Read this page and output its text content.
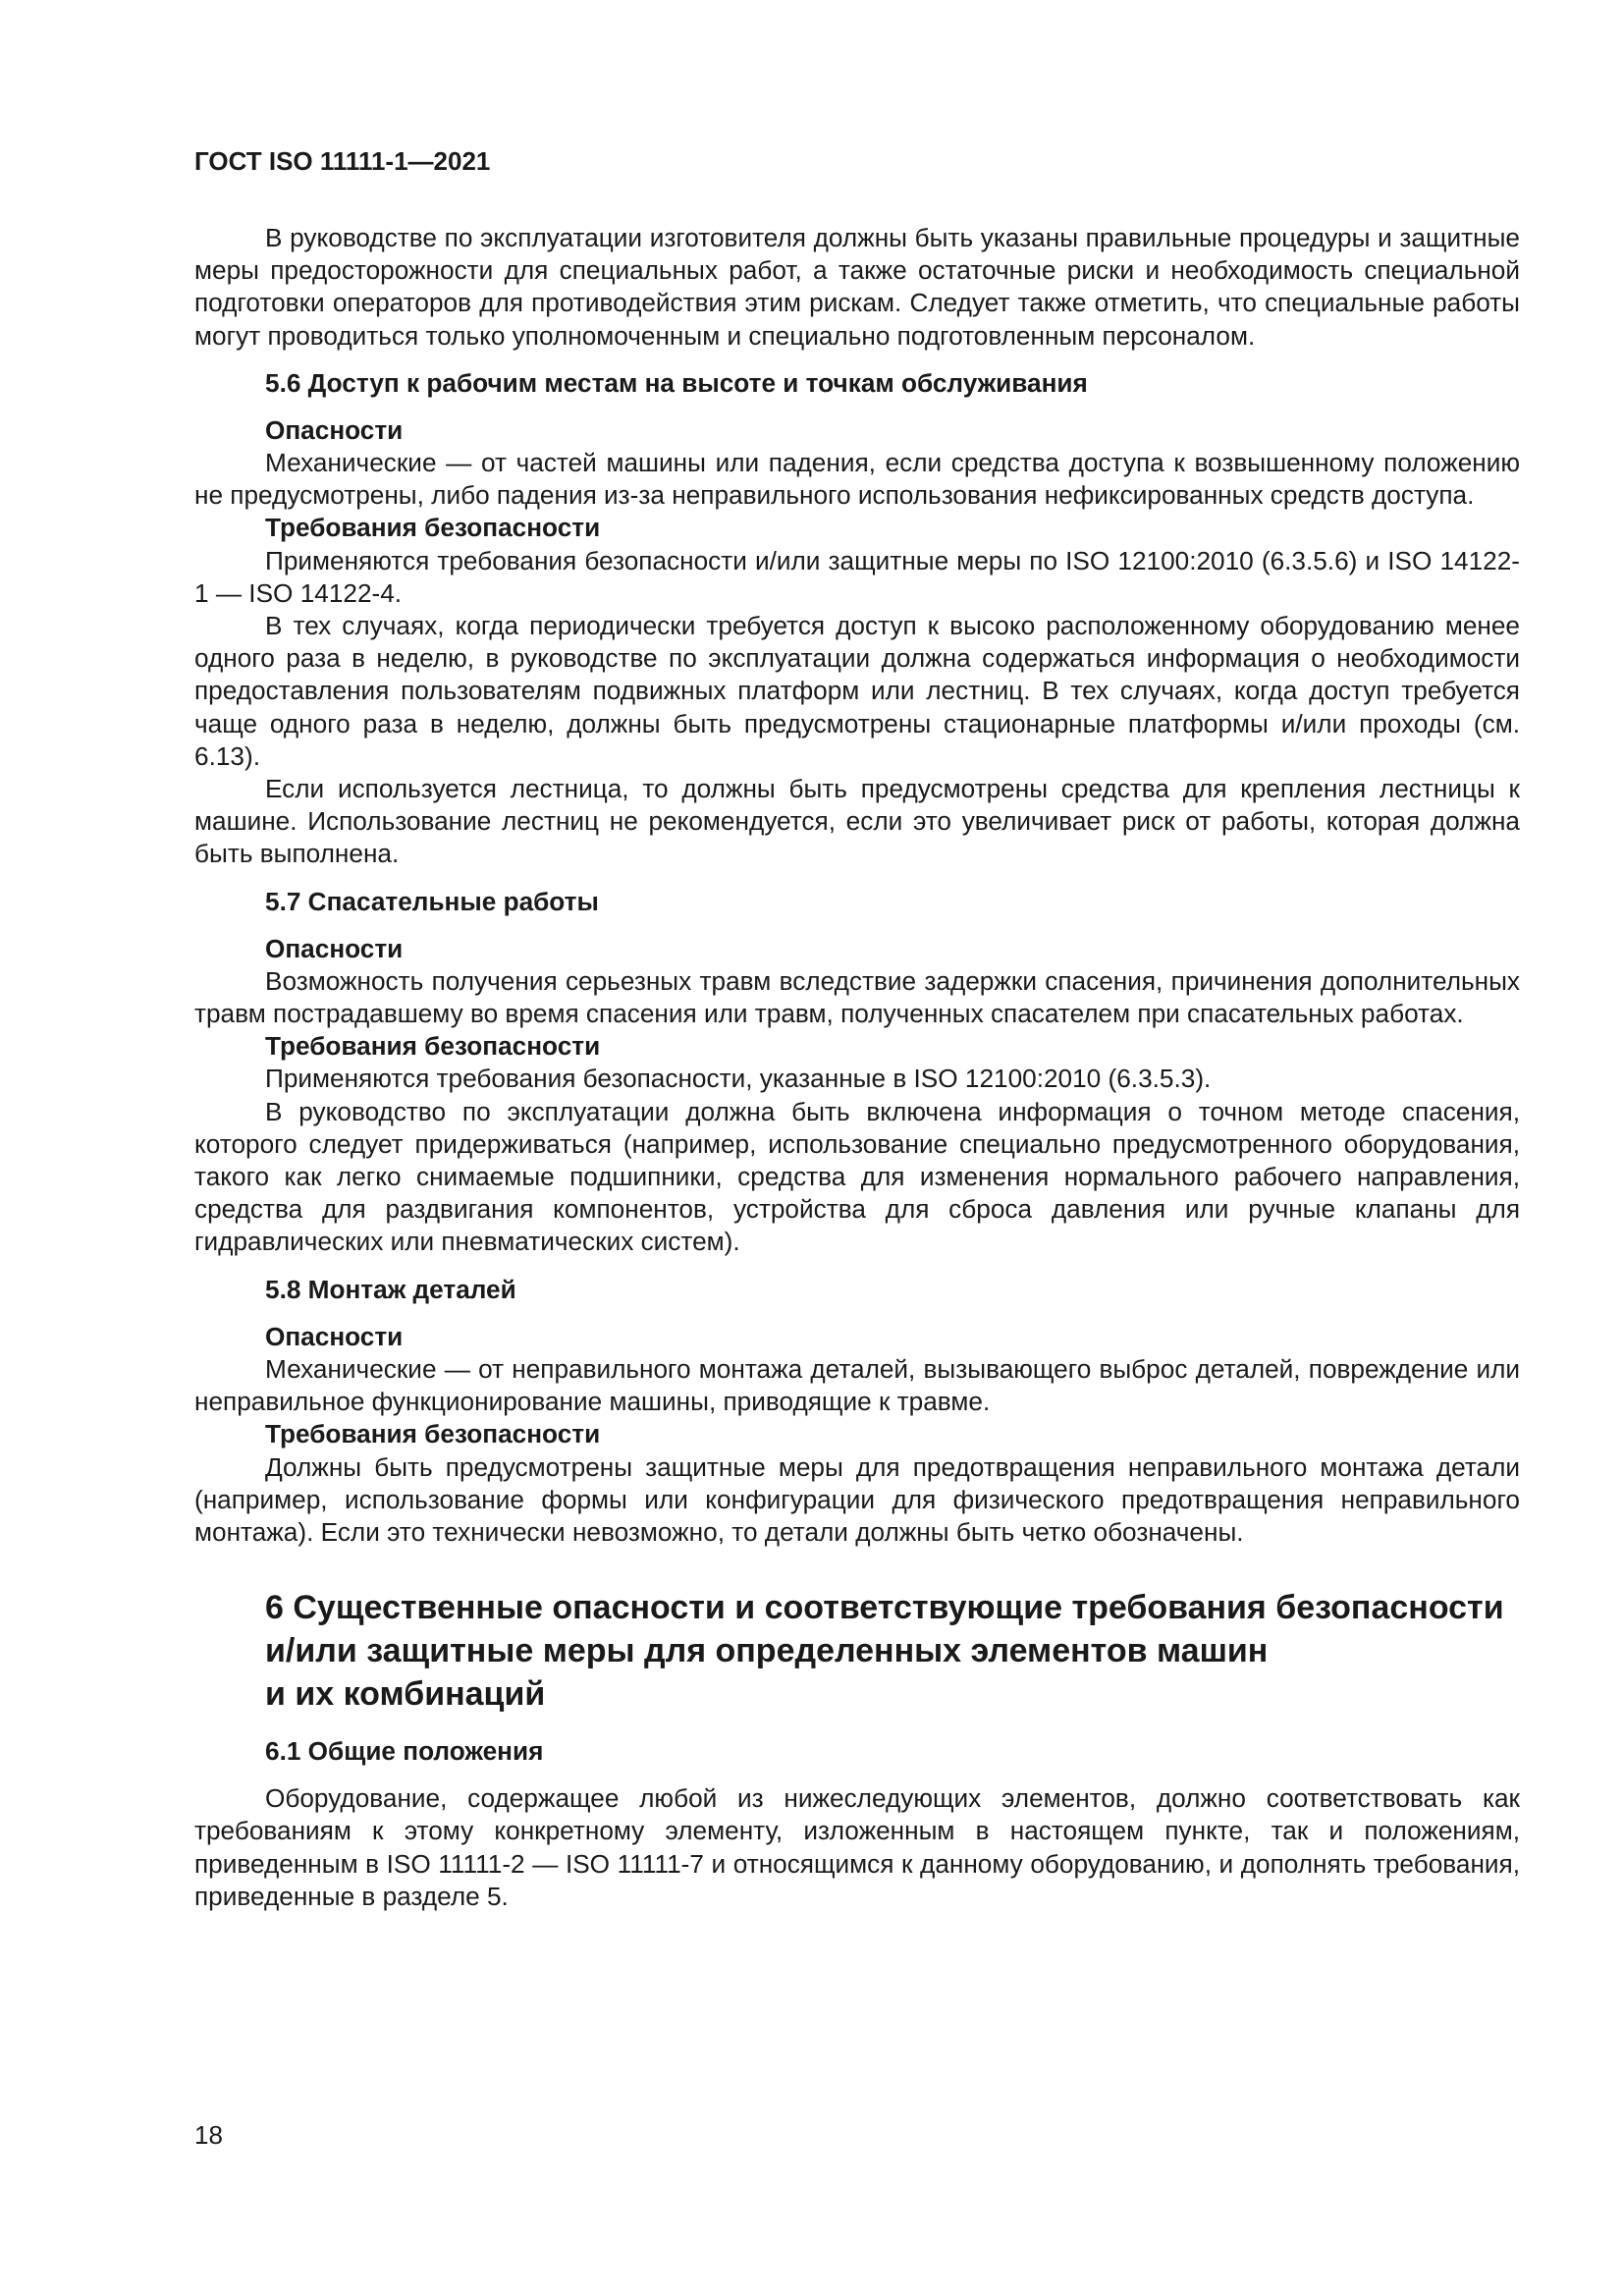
ГОСТ ISO 11111-1—2021

В руководстве по эксплуатации изготовителя должны быть указаны правильные процедуры и защитные меры предосторожности для специальных работ, а также остаточные риски и необходимость специальной подготовки операторов для противодействия этим рискам. Следует также отметить, что специальные работы могут проводиться только уполномоченным и специально подготовленным персоналом.

5.6 Доступ к рабочим местам на высоте и точкам обслуживания
Опасности

Механические — от частей машины или падения, если средства доступа к возвышенному положению не предусмотрены, либо падения из-за неправильного использования нефиксированных средств доступа.

Требования безопасности

Применяются требования безопасности и/или защитные меры по ISO 12100:2010 (6.3.5.6) и ISO 14122-1 — ISO 14122-4.

В тех случаях, когда периодически требуется доступ к высоко расположенному оборудованию менее одного раза в неделю, в руководстве по эксплуатации должна содержаться информация о необходимости предоставления пользователям подвижных платформ или лестниц. В тех случаях, когда доступ требуется чаще одного раза в неделю, должны быть предусмотрены стационарные платформы и/или проходы (см. 6.13).

Если используется лестница, то должны быть предусмотрены средства для крепления лестницы к машине. Использование лестниц не рекомендуется, если это увеличивает риск от работы, которая должна быть выполнена.

5.7 Спасательные работы
Опасности

Возможность получения серьезных травм вследствие задержки спасения, причинения дополнительных травм пострадавшему во время спасения или травм, полученных спасателем при спасательных работах.

Требования безопасности

Применяются требования безопасности, указанные в ISO 12100:2010 (6.3.5.3).

В руководство по эксплуатации должна быть включена информация о точном методе спасения, которого следует придерживаться (например, использование специально предусмотренного оборудования, такого как легко снимаемые подшипники, средства для изменения нормального рабочего направления, средства для раздвигания компонентов, устройства для сброса давления или ручные клапаны для гидравлических или пневматических систем).

5.8 Монтаж деталей
Опасности

Механические — от неправильного монтажа деталей, вызывающего выброс деталей, повреждение или неправильное функционирование машины, приводящие к травме.

Требования безопасности

Должны быть предусмотрены защитные меры для предотвращения неправильного монтажа детали (например, использование формы или конфигурации для физического предотвращения неправильного монтажа). Если это технически невозможно, то детали должны быть четко обозначены.

6 Существенные опасности и соответствующие требования безопасности
и/или защитные меры для определенных элементов машин
и их комбинаций
6.1 Общие положения

Оборудование, содержащее любой из нижеследующих элементов, должно соответствовать как требованиям к этому конкретному элементу, изложенным в настоящем пункте, так и положениям, приведенным в ISO 11111-2 — ISO 11111-7 и относящимся к данному оборудованию, и дополнять требования, приведенные в разделе 5.

18
